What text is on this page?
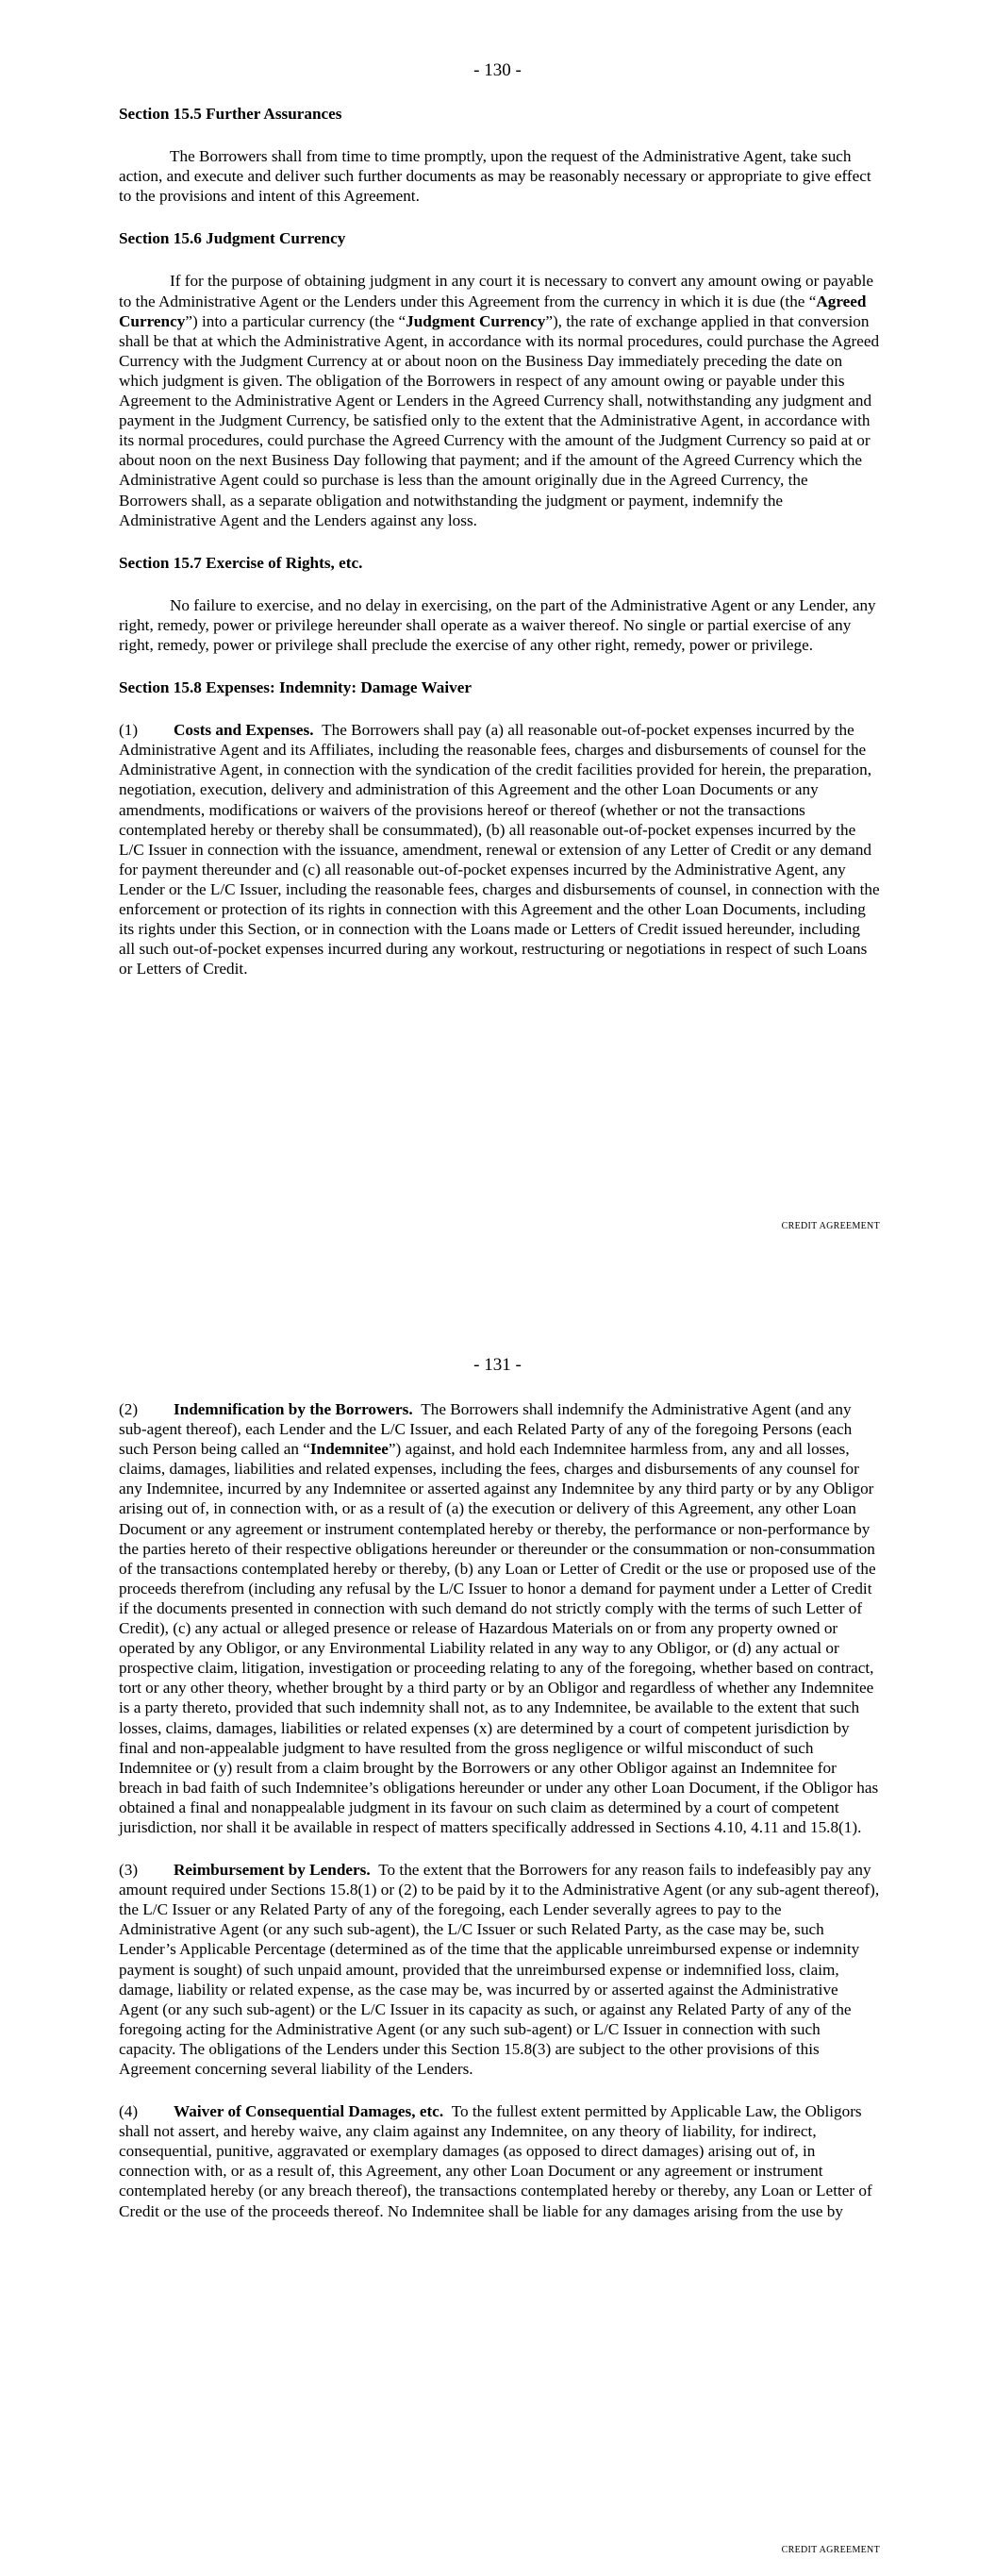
- 130 -

Section 15.5 Further Assurances

The Borrowers shall from time to time promptly, upon the request of the Administrative Agent, take such action, and execute and deliver such further documents as may be reasonably necessary or appropriate to give effect to the provisions and intent of this Agreement.

Section 15.6 Judgment Currency

If for the purpose of obtaining judgment in any court it is necessary to convert any amount owing or payable to the Administrative Agent or the Lenders under this Agreement from the currency in which it is due (the “Agreed Currency”) into a particular currency (the “Judgment Currency”), the rate of exchange applied in that conversion shall be that at which the Administrative Agent, in accordance with its normal procedures, could purchase the Agreed Currency with the Judgment Currency at or about noon on the Business Day immediately preceding the date on which judgment is given. The obligation of the Borrowers in respect of any amount owing or payable under this Agreement to the Administrative Agent or Lenders in the Agreed Currency shall, notwithstanding any judgment and payment in the Judgment Currency, be satisfied only to the extent that the Administrative Agent, in accordance with its normal procedures, could purchase the Agreed Currency with the amount of the Judgment Currency so paid at or about noon on the next Business Day following that payment; and if the amount of the Agreed Currency which the Administrative Agent could so purchase is less than the amount originally due in the Agreed Currency, the Borrowers shall, as a separate obligation and notwithstanding the judgment or payment, indemnify the Administrative Agent and the Lenders against any loss.

Section 15.7 Exercise of Rights, etc.

No failure to exercise, and no delay in exercising, on the part of the Administrative Agent or any Lender, any right, remedy, power or privilege hereunder shall operate as a waiver thereof. No single or partial exercise of any right, remedy, power or privilege shall preclude the exercise of any other right, remedy, power or privilege.

Section 15.8 Expenses: Indemnity: Damage Waiver

(1) Costs and Expenses. The Borrowers shall pay (a) all reasonable out-of-pocket expenses incurred by the Administrative Agent and its Affiliates, including the reasonable fees, charges and disbursements of counsel for the Administrative Agent, in connection with the syndication of the credit facilities provided for herein, the preparation, negotiation, execution, delivery and administration of this Agreement and the other Loan Documents or any amendments, modifications or waivers of the provisions hereof or thereof (whether or not the transactions contemplated hereby or thereby shall be consummated), (b) all reasonable out-of-pocket expenses incurred by the L/C Issuer in connection with the issuance, amendment, renewal or extension of any Letter of Credit or any demand for payment thereunder and (c) all reasonable out-of-pocket expenses incurred by the Administrative Agent, any Lender or the L/C Issuer, including the reasonable fees, charges and disbursements of counsel, in connection with the enforcement or protection of its rights in connection with this Agreement and the other Loan Documents, including its rights under this Section, or in connection with the Loans made or Letters of Credit issued hereunder, including all such out-of-pocket expenses incurred during any workout, restructuring or negotiations in respect of such Loans or Letters of Credit.

CREDIT AGREEMENT
- 131 -

(2) Indemnification by the Borrowers. The Borrowers shall indemnify the Administrative Agent (and any sub-agent thereof), each Lender and the L/C Issuer, and each Related Party of any of the foregoing Persons (each such Person being called an “Indemnitee”) against, and hold each Indemnitee harmless from, any and all losses, claims, damages, liabilities and related expenses, including the fees, charges and disbursements of any counsel for any Indemnitee, incurred by any Indemnitee or asserted against any Indemnitee by any third party or by any Obligor arising out of, in connection with, or as a result of (a) the execution or delivery of this Agreement, any other Loan Document or any agreement or instrument contemplated hereby or thereby, the performance or non-performance by the parties hereto of their respective obligations hereunder or thereunder or the consummation or non-consummation of the transactions contemplated hereby or thereby, (b) any Loan or Letter of Credit or the use or proposed use of the proceeds therefrom (including any refusal by the L/C Issuer to honor a demand for payment under a Letter of Credit if the documents presented in connection with such demand do not strictly comply with the terms of such Letter of Credit), (c) any actual or alleged presence or release of Hazardous Materials on or from any property owned or operated by any Obligor, or any Environmental Liability related in any way to any Obligor, or (d) any actual or prospective claim, litigation, investigation or proceeding relating to any of the foregoing, whether based on contract, tort or any other theory, whether brought by a third party or by an Obligor and regardless of whether any Indemnitee is a party thereto, provided that such indemnity shall not, as to any Indemnitee, be available to the extent that such losses, claims, damages, liabilities or related expenses (x) are determined by a court of competent jurisdiction by final and non-appealable judgment to have resulted from the gross negligence or wilful misconduct of such Indemnitee or (y) result from a claim brought by the Borrowers or any other Obligor against an Indemnitee for breach in bad faith of such Indemnitee’s obligations hereunder or under any other Loan Document, if the Obligor has obtained a final and nonappealable judgment in its favour on such claim as determined by a court of competent jurisdiction, nor shall it be available in respect of matters specifically addressed in Sections 4.10, 4.11 and 15.8(1).

(3) Reimbursement by Lenders. To the extent that the Borrowers for any reason fails to indefeasibly pay any amount required under Sections 15.8(1) or (2) to be paid by it to the Administrative Agent (or any sub-agent thereof), the L/C Issuer or any Related Party of any of the foregoing, each Lender severally agrees to pay to the Administrative Agent (or any such sub-agent), the L/C Issuer or such Related Party, as the case may be, such Lender’s Applicable Percentage (determined as of the time that the applicable unreimbursed expense or indemnity payment is sought) of such unpaid amount, provided that the unreimbursed expense or indemnified loss, claim, damage, liability or related expense, as the case may be, was incurred by or asserted against the Administrative Agent (or any such sub-agent) or the L/C Issuer in its capacity as such, or against any Related Party of any of the foregoing acting for the Administrative Agent (or any such sub-agent) or L/C Issuer in connection with such capacity. The obligations of the Lenders under this Section 15.8(3) are subject to the other provisions of this Agreement concerning several liability of the Lenders.

(4) Waiver of Consequential Damages, etc. To the fullest extent permitted by Applicable Law, the Obligors shall not assert, and hereby waive, any claim against any Indemnitee, on any theory of liability, for indirect, consequential, punitive, aggravated or exemplary damages (as opposed to direct damages) arising out of, in connection with, or as a result of, this Agreement, any other Loan Document or any agreement or instrument contemplated hereby (or any breach thereof), the transactions contemplated hereby or thereby, any Loan or Letter of Credit or the use of the proceeds thereof. No Indemnitee shall be liable for any damages arising from the use by

CREDIT AGREEMENT
